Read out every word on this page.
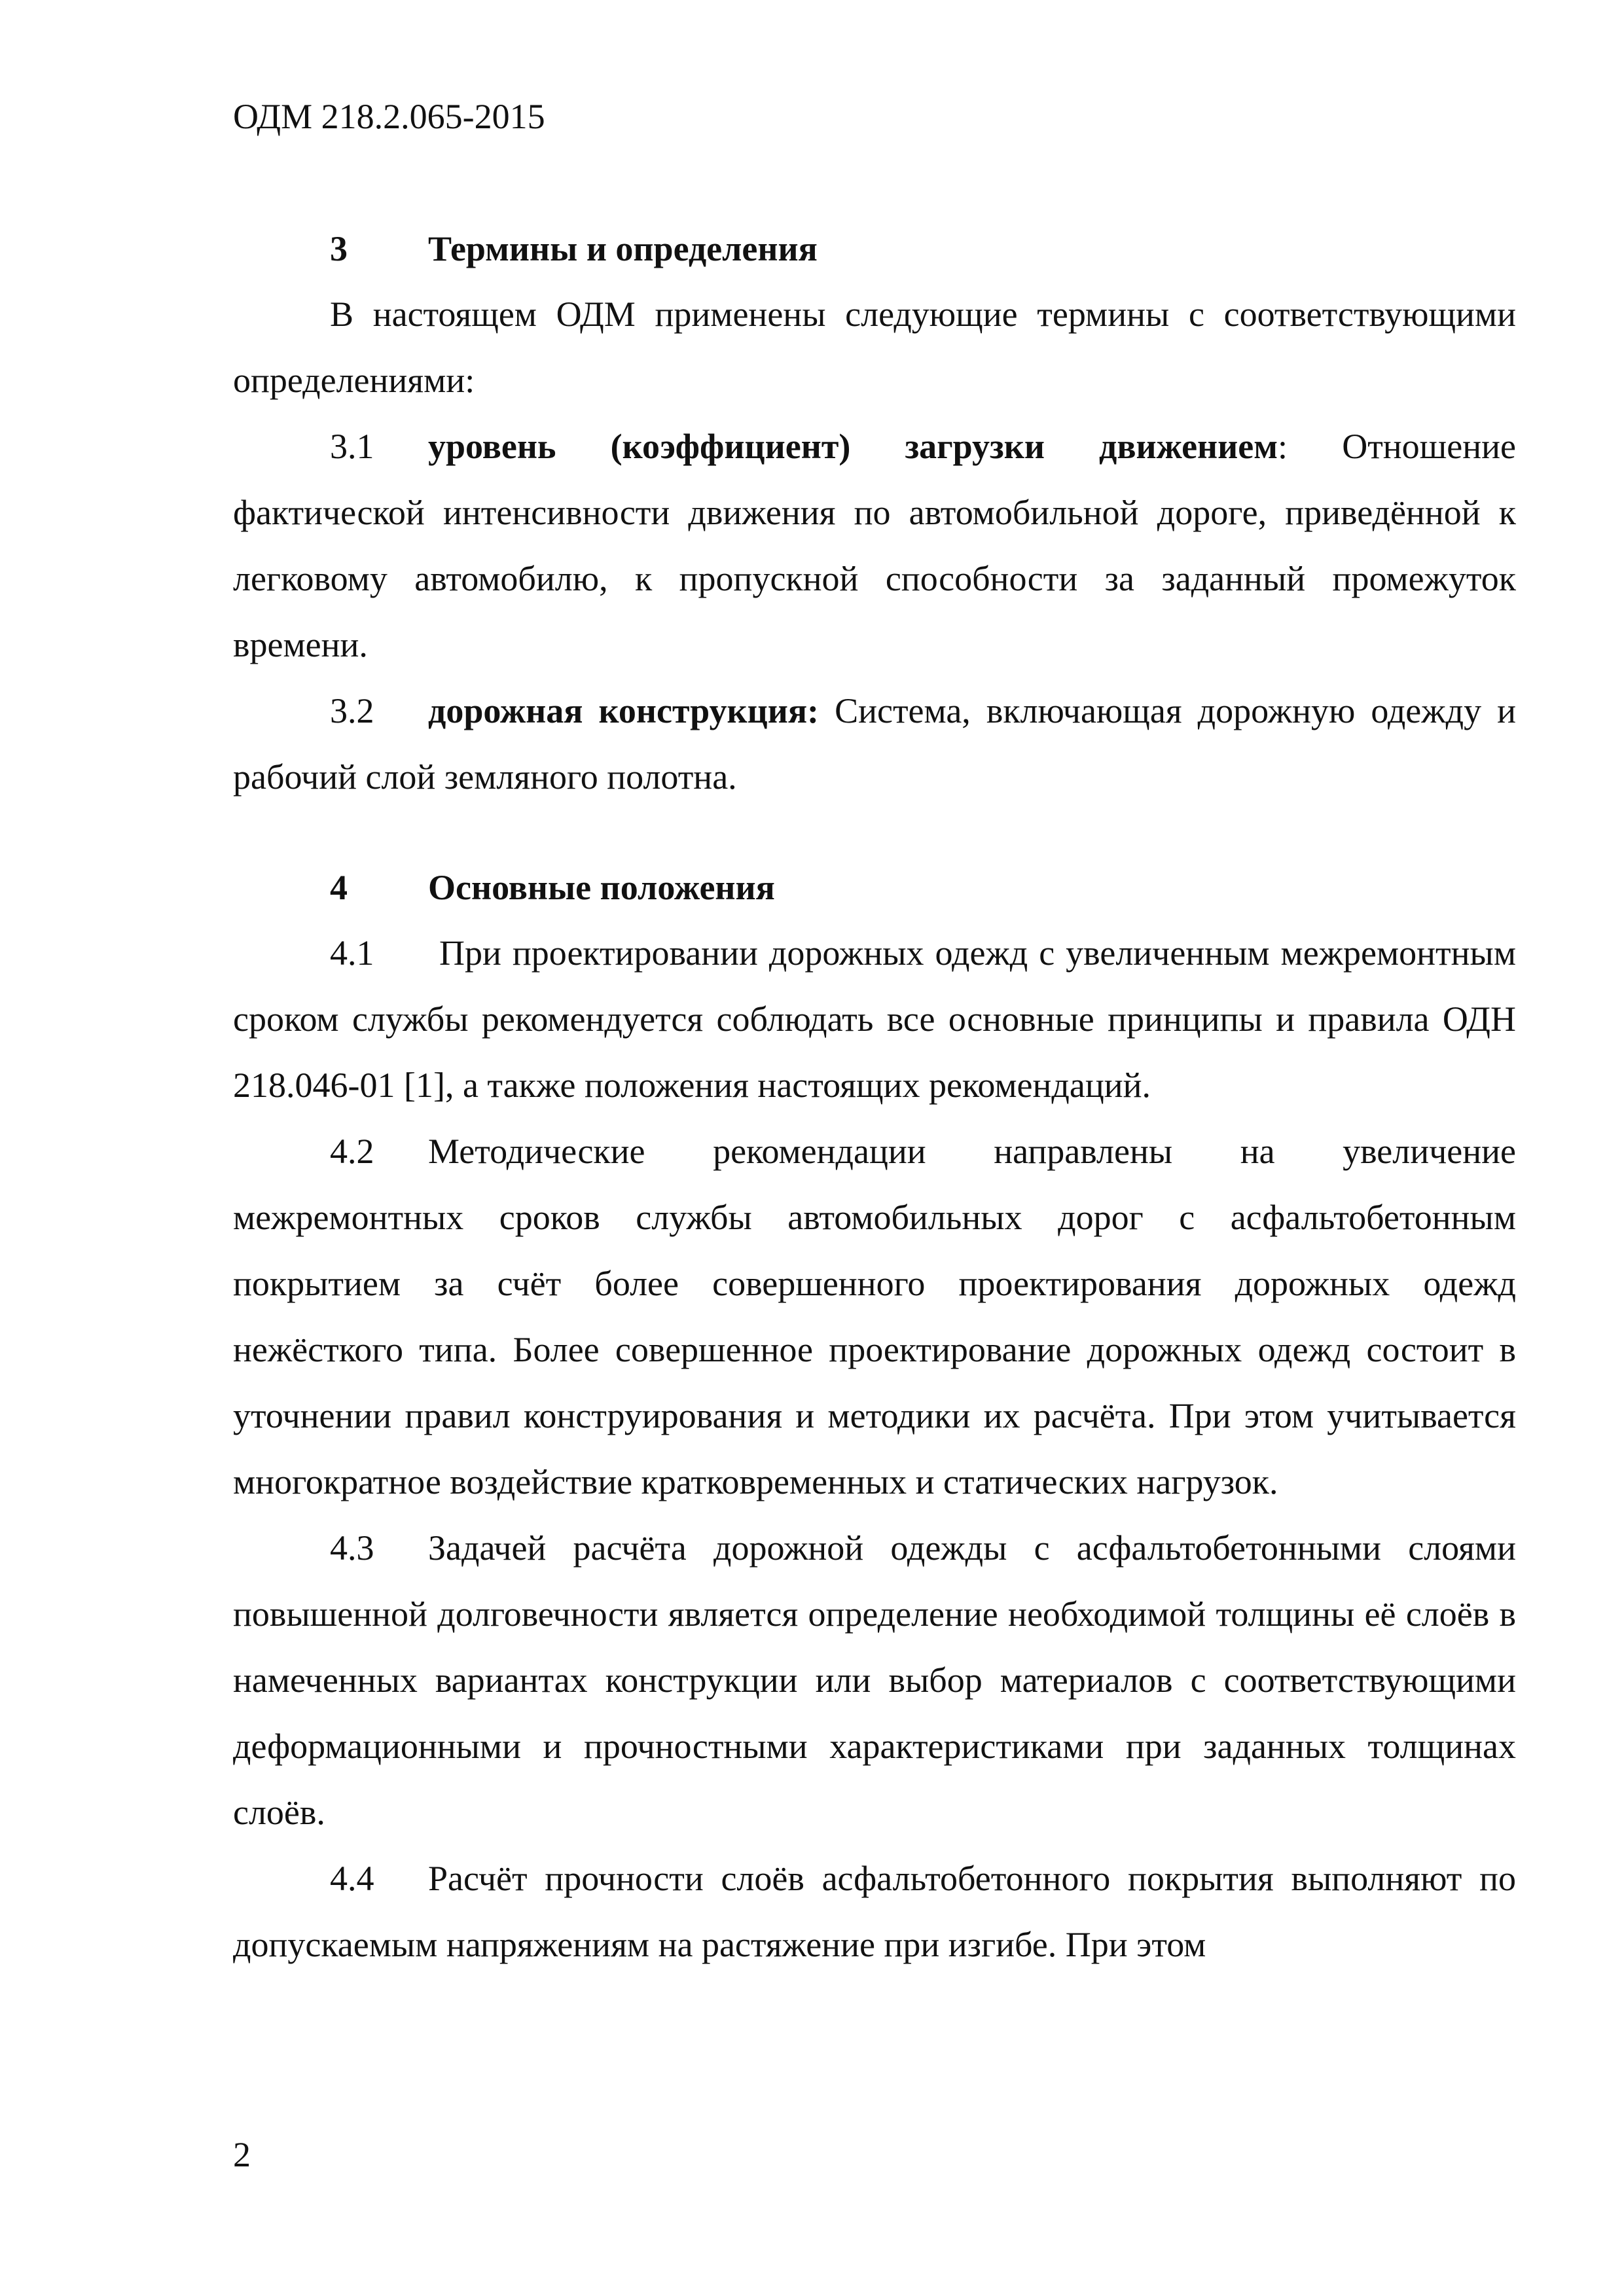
ОДМ 218.2.065-2015
3 Термины и определения

В настоящем ОДМ применены следующие термины с соответствующими определениями:

3.1 уровень (коэффициент) загрузки движением: Отношение фактической интенсивности движения по автомобильной дороге, приведённой к легковому автомобилю, к пропускной способности за заданный промежуток времени.

3.2 дорожная конструкция: Система, включающая дорожную одежду и рабочий слой земляного полотна.

4 Основные положения

4.1 При проектировании дорожных одежд с увеличенным межремонтным сроком службы рекомендуется соблюдать все основные принципы и правила ОДН 218.046-01 [1], а также положения настоящих рекомендаций.

4.2 Методические рекомендации направлены на увеличение межремонтных сроков службы автомобильных дорог с асфальтобетонным покрытием за счёт более совершенного проектирования дорожных одежд нежёсткого типа. Более совершенное проектирование дорожных одежд состоит в уточнении правил конструирования и методики их расчёта. При этом учитывается многократное воздействие кратковременных и статических нагрузок.

4.3 Задачей расчёта дорожной одежды с асфальтобетонными слоями повышенной долговечности является определение необходимой толщины её слоёв в намеченных вариантах конструкции или выбор материалов с соответствующими деформационными и прочностными характеристиками при заданных толщинах слоёв.

4.4 Расчёт прочности слоёв асфальтобетонного покрытия выполняют по допускаемым напряжениям на растяжение при изгибе. При этом

2
